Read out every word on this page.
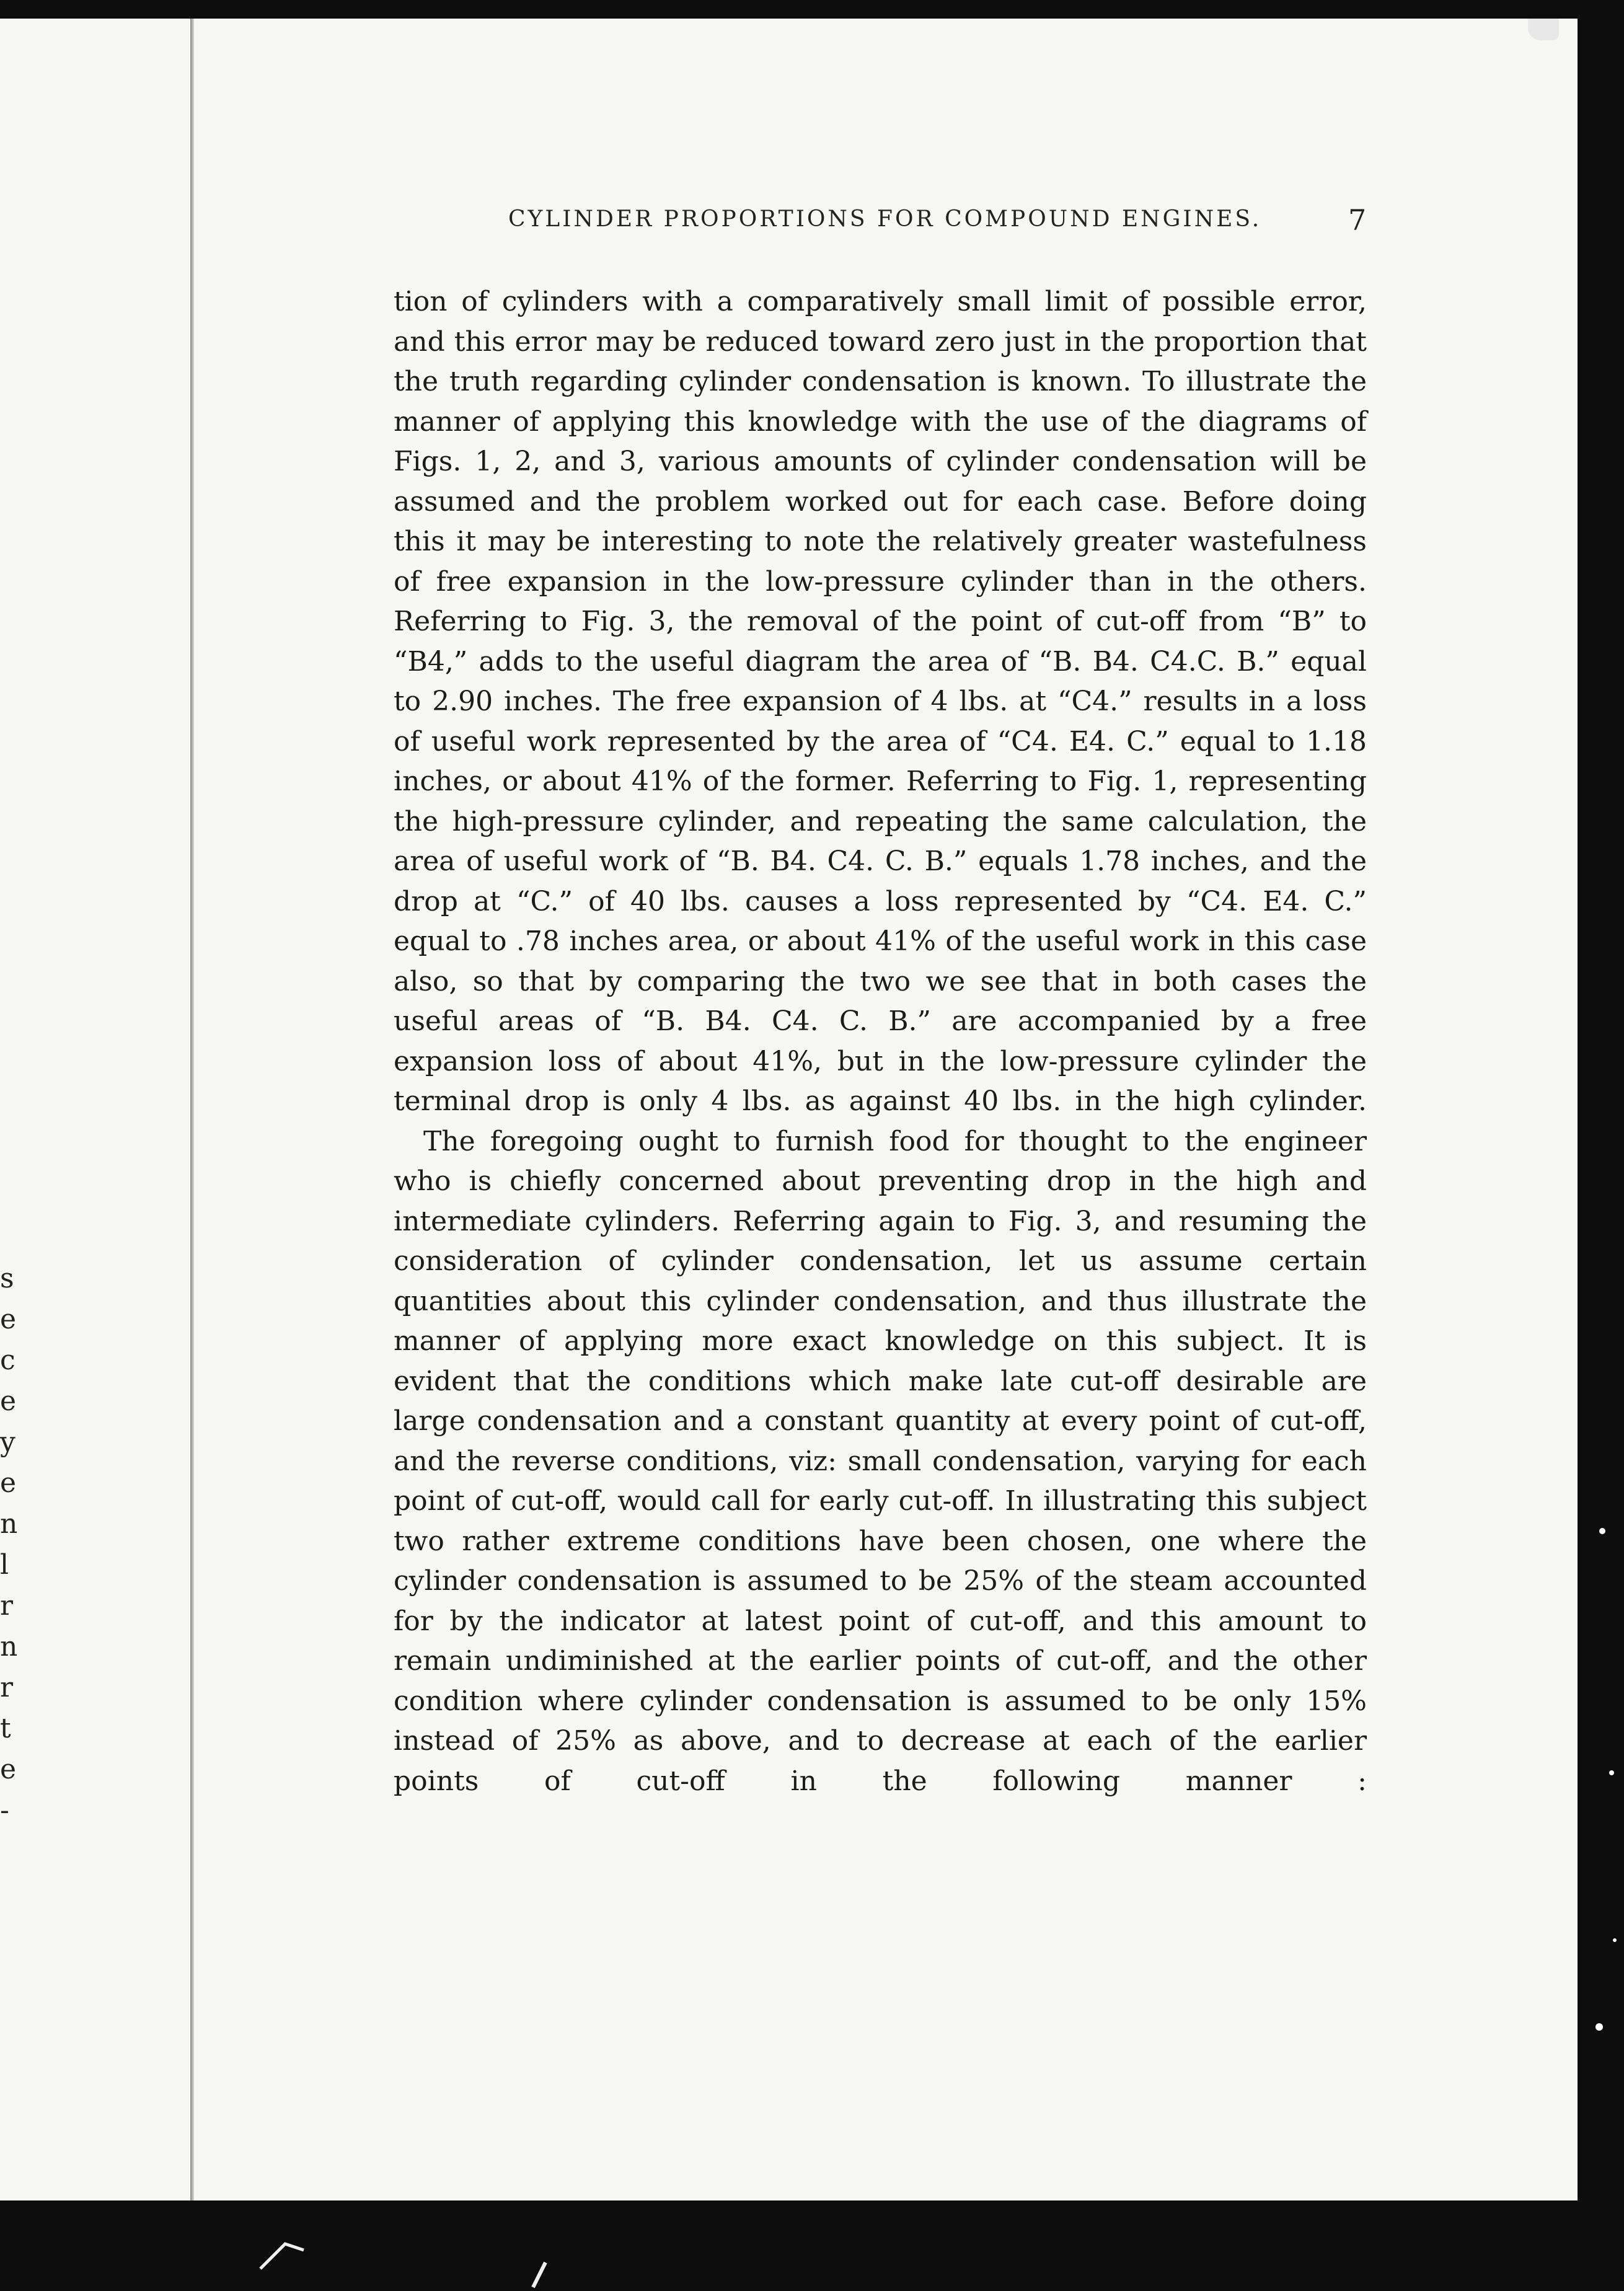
s
e
c
e
y
e
n
l
r
n
r
t
e
-
CYLINDER PROPORTIONS FOR COMPOUND ENGINES.	7

tion of cylinders with a comparatively small limit of possible error, and this error may be reduced toward zero just in the proportion that the truth regarding cylinder condensation is known. To illustrate the manner of applying this knowledge with the use of the diagrams of Figs. 1, 2, and 3, various amounts of cylinder condensation will be assumed and the problem worked out for each case. Before doing this it may be interesting to note the relatively greater wastefulness of free expansion in the low-pressure cylinder than in the others. Referring to Fig. 3, the removal of the point of cut-off from “B” to “B4,” adds to the useful diagram the area of “B. B4. C4.C. B.” equal to 2.90 inches. The free expansion of 4 lbs. at “C4.” results in a loss of useful work represented by the area of “C4. E4. C.” equal to 1.18 inches, or about 41% of the former. Referring to Fig. 1, representing the high-pressure cylinder, and repeating the same calculation, the area of useful work of “B. B4. C4. C. B.” equals 1.78 inches, and the drop at “C.” of 40 lbs. causes a loss represented by “C4. E4. C.” equal to .78 inches area, or about 41% of the useful work in this case also, so that by comparing the two we see that in both cases the useful areas of “B. B4. C4. C. B.” are accompanied by a free expansion loss of about 41%, but in the low-pressure cylinder the terminal drop is only 4 lbs. as against 40 lbs. in the high cylinder.

The foregoing ought to furnish food for thought to the engineer who is chiefly concerned about preventing drop in the high and intermediate cylinders. Referring again to Fig. 3, and resuming the consideration of cylinder condensation, let us assume certain quantities about this cylinder condensation, and thus illustrate the manner of applying more exact knowledge on this subject. It is evident that the conditions which make late cut-off desirable are large condensation and a constant quantity at every point of cut-off, and the reverse conditions, viz: small condensation, varying for each point of cut-off, would call for early cut-off. In illustrating this subject two rather extreme conditions have been chosen, one where the cylinder condensation is assumed to be 25% of the steam accounted for by the indicator at latest point of cut-off, and this amount to remain undiminished at the earlier points of cut-off, and the other condition where cylinder condensation is assumed to be only 15% instead of 25% as above, and to decrease at each of the earlier points of cut-off in the following manner :
